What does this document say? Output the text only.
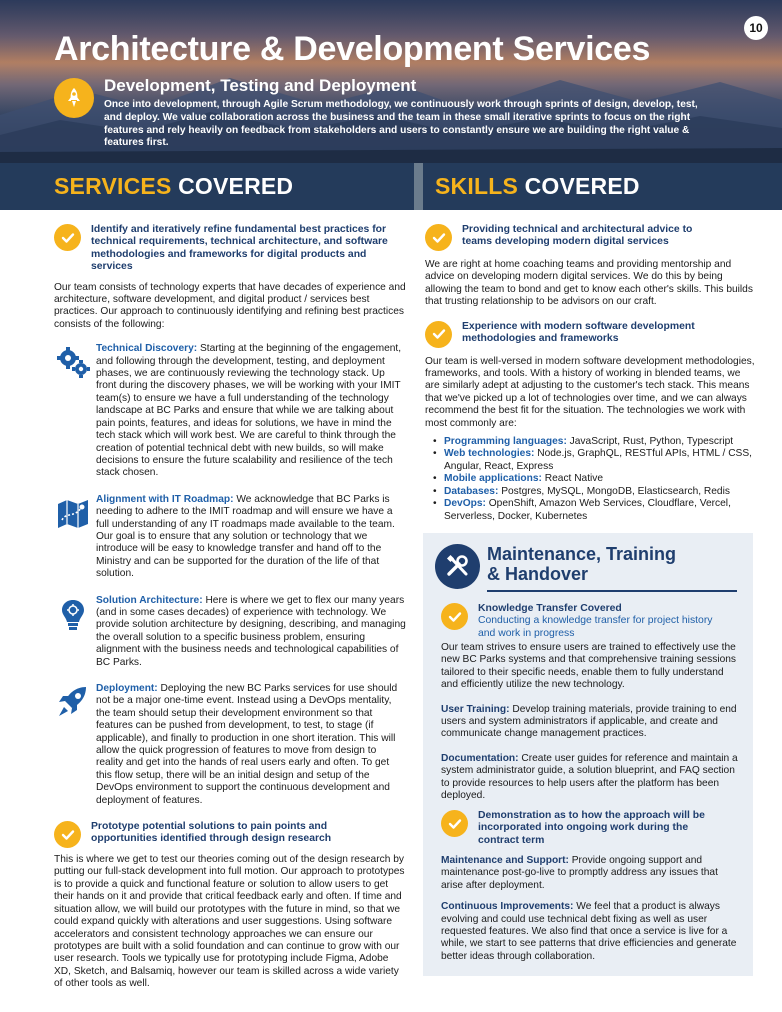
10
Architecture & Development Services
Development, Testing and Deployment

Once into development, through Agile Scrum methodology, we continuously work through sprints of design, develop, test, and deploy. We value collaboration across the business and the team in these small iterative sprints to focus on the right features and rely heavily on feedback from stakeholders and users to constantly ensure we are building the right value & features first.

SERVICES COVERED	SKILLS COVERED
Identify and iteratively refine fundamental best practices for technical requirements, technical architecture, and software methodologies and frameworks for digital products and services

Our team consists of technology experts that have decades of experience and architecture, software development, and digital product / services best practices. Our approach to continuously identifying and refining best practices consists of the following:

Technical Discovery: Starting at the beginning of the engagement, and following through the development, testing, and deployment phases, we are continuously reviewing the technology stack. Up front during the discovery phases, we will be working with your IMIT team(s) to ensure we have a full understanding of the technology landscape at BC Parks and ensure that while we are talking about pain points, features, and ideas for solutions, we have in mind the tech stack which will work best. We are careful to think through the creation of potential technical debt with new builds, so will make decisions to ensure the future scalability and resilience of the tech stack chosen.

Alignment with IT Roadmap: We acknowledge that BC Parks is needing to adhere to the IMIT roadmap and will ensure we have a full understanding of any IT roadmaps made available to the team. Our goal is to ensure that any solution or technology that we introduce will be easy to knowledge transfer and hand off to the Ministry and can be supported for the duration of the life of that solution.

Solution Architecture: Here is where we get to flex our many years (and in some cases decades) of experience with technology. We provide solution architecture by designing, describing, and managing the overall solution to a specific business problem, ensuring alignment with the business needs and technological capabilities of BC Parks.

Deployment: Deploying the new BC Parks services for use should not be a major one-time event. Instead using a DevOps mentality, the team should setup their development environment so that features can be pushed from development, to test, to stage (if applicable), and finally to production in one short iteration. This will allow the quick progression of features to move from design to reality and get into the hands of real users early and often. To get this flow setup, there will be an initial design and setup of the DevOps environment to support the continuous development and deployment of features.

Prototype potential solutions to pain points and opportunities identified through design research

This is where we get to test our theories coming out of the design research by putting our full-stack development into full motion. Our approach to prototypes is to provide a quick and functional feature or solution to allow users to get their hands on it and provide that critical feedback early and often. If time and situation allow, we will build our prototypes with the future in mind, so that we could expand quickly with alterations and user suggestions. Using software accelerators and consistent technology approaches we can ensure our prototypes are built with a solid foundation and can continue to grow with our user research. Tools we typically use for prototyping include Figma, Adobe XD, Sketch, and Balsamiq, however our team is skilled across a wide variety of other tools as well.

Providing technical and architectural advice to teams developing modern digital services

We are right at home coaching teams and providing mentorship and advice on developing modern digital services. We do this by being allowing the team to bond and get to know each other's skills. This builds that trusting relationship to be advisors on our craft.

Experience with modern software development methodologies and frameworks

Our team is well-versed in modern software development methodologies, frameworks, and tools. With a history of working in blended teams, we are similarly adept at adjusting to the customer's tech stack. This means that we've picked up a lot of technologies over time, and we can always recommend the best fit for the situation. The technologies we work with most commonly are:

• Programming languages: JavaScript, Rust, Python, Typescript
• Web technologies: Node.js, GraphQL, RESTful APIs, HTML / CSS, Angular, React, Express
• Mobile applications: React Native
• Databases: Postgres, MySQL, MongoDB, Elasticsearch, Redis
• DevOps: OpenShift, Amazon Web Services, Cloudflare, Vercel, Serverless, Docker, Kubernetes
Maintenance, Training
& Handover
Knowledge Transfer Covered
Conducting a knowledge transfer for project history and work in progress

Our team strives to ensure users are trained to effectively use the new BC Parks systems and that comprehensive training sessions tailored to their specific needs, enable them to fully understand and efficiently utilize the new technology.

User Training: Develop training materials, provide training to end users and system administrators if applicable, and create and communicate change management practices.

Documentation: Create user guides for reference and maintain a system administrator guide, a solution blueprint, and FAQ section to provide resources to help users after the platform has been deployed.

Demonstration as to how the approach will be incorporated into ongoing work during the contract term

Maintenance and Support: Provide ongoing support and maintenance post-go-live to promptly address any issues that arise after deployment.

Continuous Improvements: We feel that a product is always evolving and could use technical debt fixing as well as user requested features. We also find that once a service is live for a while, we start to see patterns that drive efficiencies and generate better ideas through collaboration.
